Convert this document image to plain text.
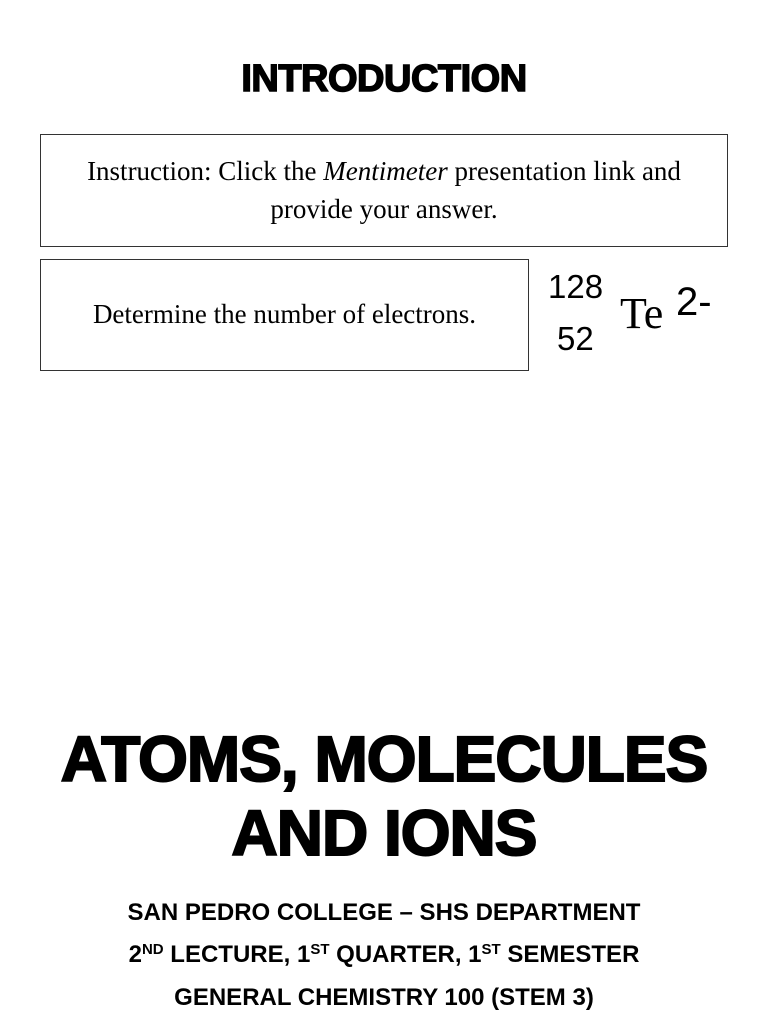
INTRODUCTION
Instruction: Click the Mentimeter presentation link and provide your answer.
Determine the number of electrons.
128
52
Te 2-
ATOMS, MOLECULES
AND IONS
SAN PEDRO COLLEGE – SHS DEPARTMENT
2ND LECTURE, 1ST QUARTER, 1ST SEMESTER
GENERAL CHEMISTRY 100 (STEM 3)
